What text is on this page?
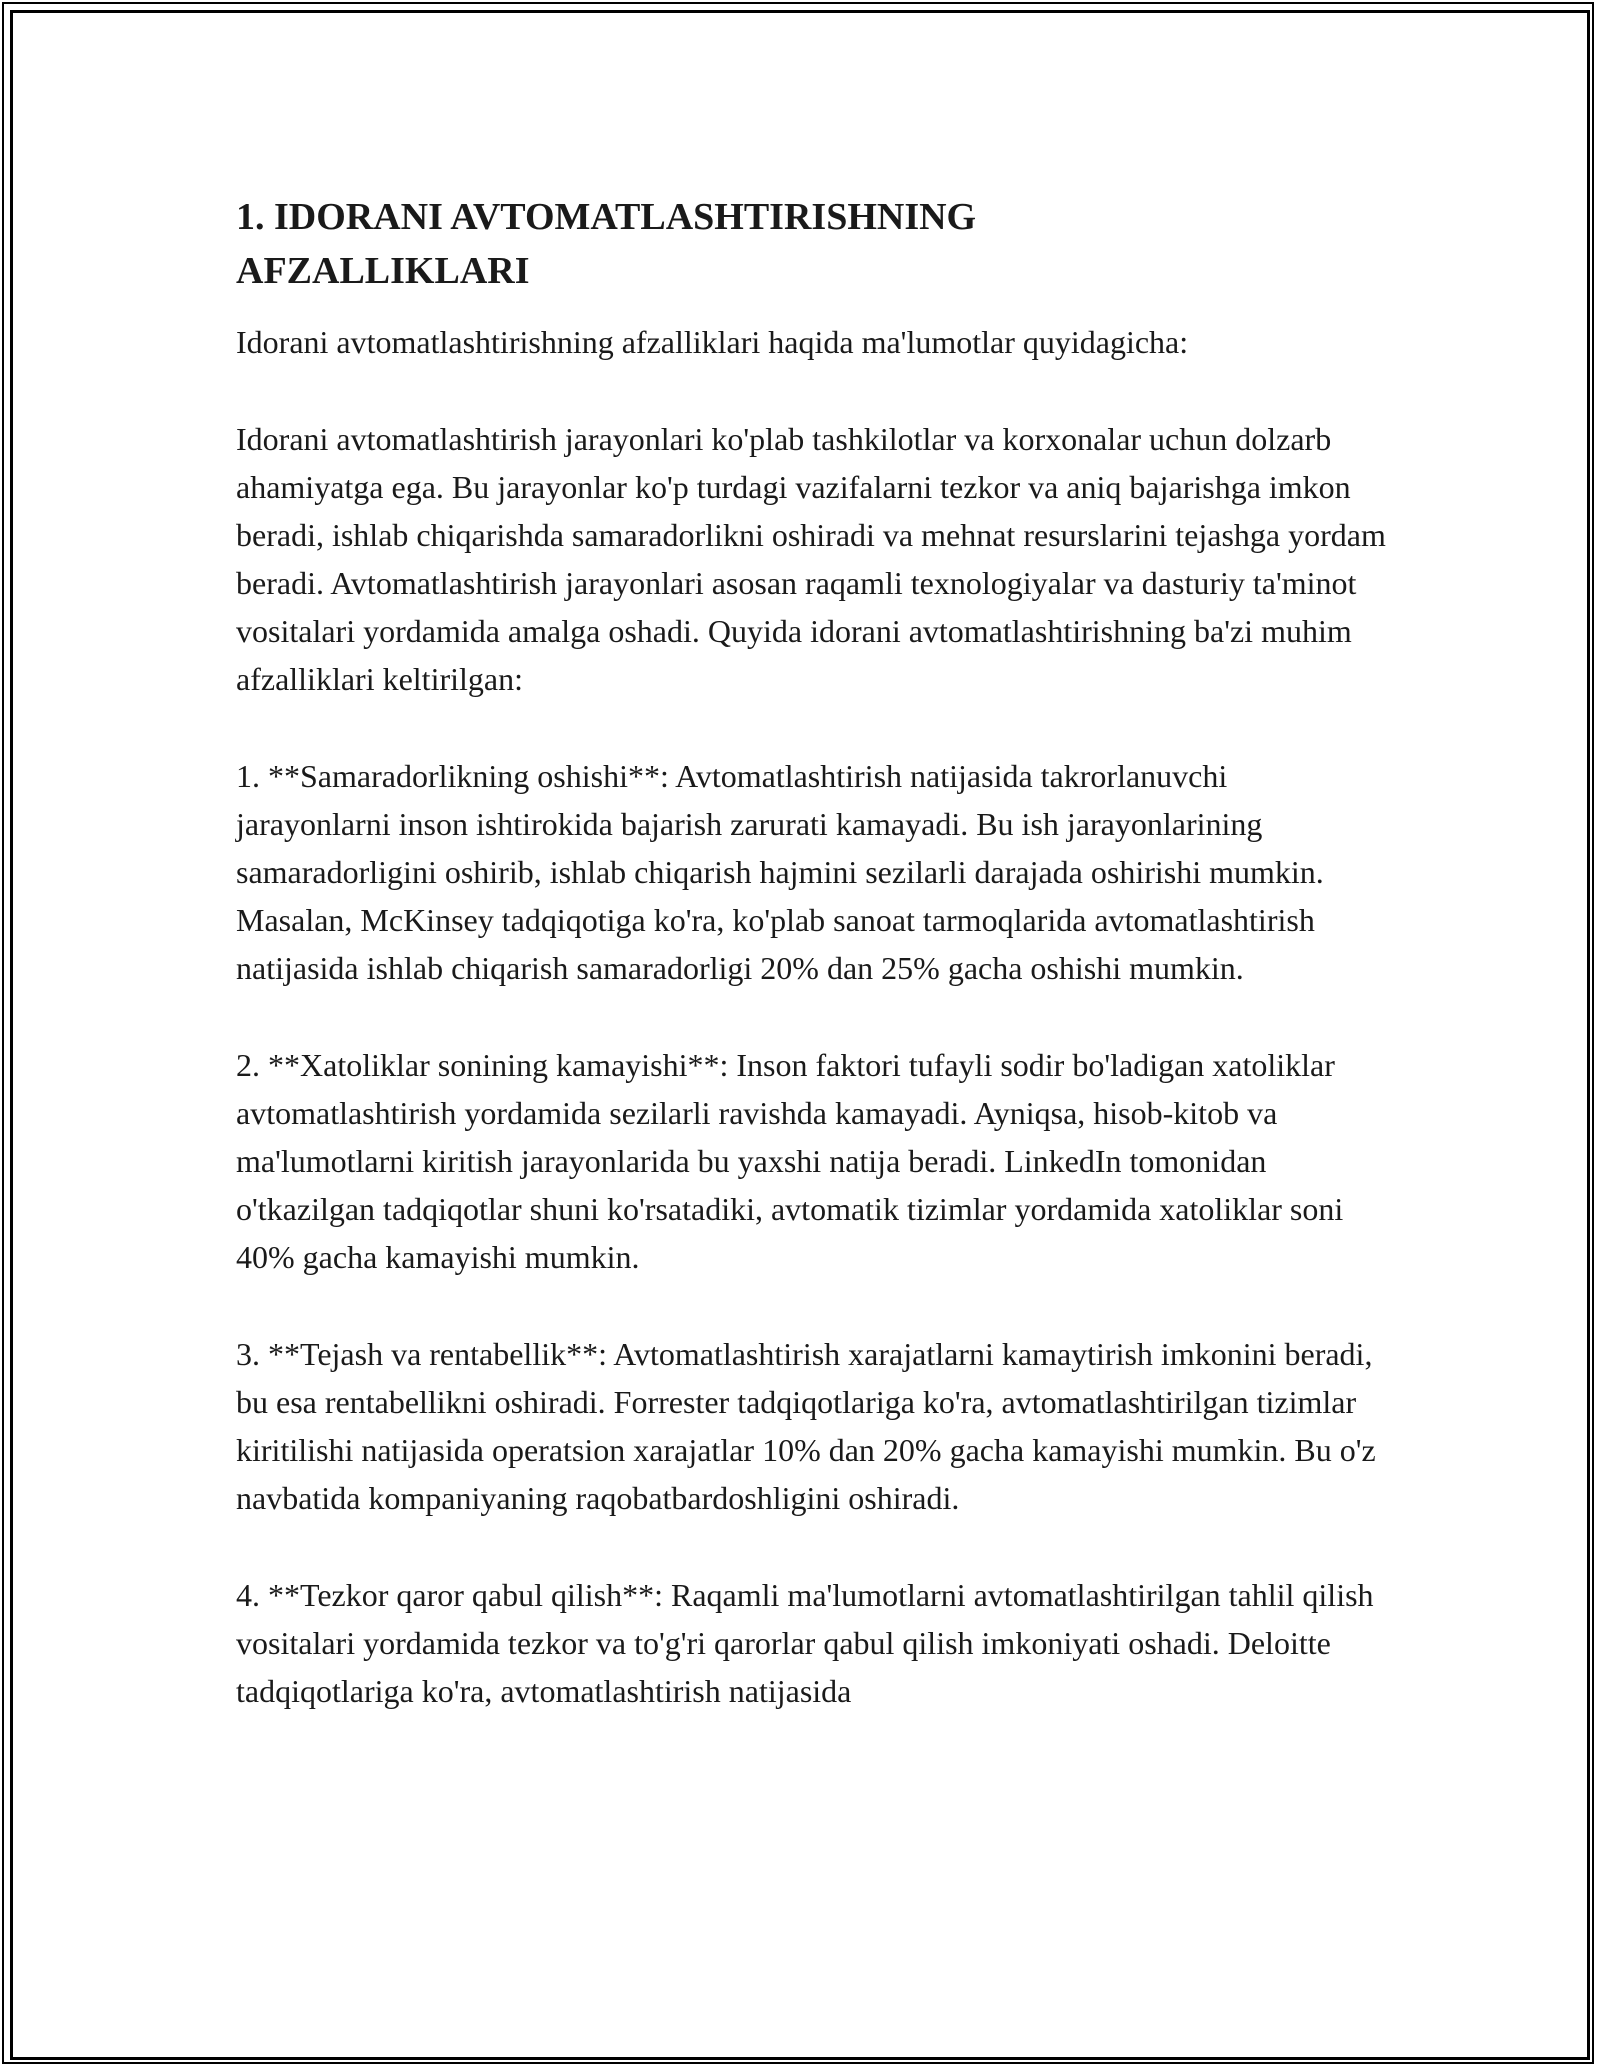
1. IDORANI AVTOMATLASHTIRISHNING
AFZALLIKLARI

Idorani avtomatlashtirishning afzalliklari haqida ma'lumotlar quyidagicha:

Idorani avtomatlashtirish jarayonlari ko'plab tashkilotlar va korxonalar uchun dolzarb ahamiyatga ega. Bu jarayonlar ko'p turdagi vazifalarni tezkor va aniq bajarishga imkon beradi, ishlab chiqarishda samaradorlikni oshiradi va mehnat resurslarini tejashga yordam beradi. Avtomatlashtirish jarayonlari asosan raqamli texnologiyalar va dasturiy ta'minot vositalari yordamida amalga oshadi. Quyida idorani avtomatlashtirishning ba'zi muhim afzalliklari keltirilgan:

1. **Samaradorlikning oshishi**: Avtomatlashtirish natijasida takrorlanuvchi jarayonlarni inson ishtirokida bajarish zarurati kamayadi. Bu ish jarayonlarining samaradorligini oshirib, ishlab chiqarish hajmini sezilarli darajada oshirishi mumkin. Masalan, McKinsey tadqiqotiga ko'ra, ko'plab sanoat tarmoqlarida avtomatlashtirish natijasida ishlab chiqarish samaradorligi 20% dan 25% gacha oshishi mumkin.

2. **Xatoliklar sonining kamayishi**: Inson faktori tufayli sodir bo'ladigan xatoliklar avtomatlashtirish yordamida sezilarli ravishda kamayadi. Ayniqsa, hisob-kitob va ma'lumotlarni kiritish jarayonlarida bu yaxshi natija beradi. LinkedIn tomonidan o'tkazilgan tadqiqotlar shuni ko'rsatadiki, avtomatik tizimlar yordamida xatoliklar soni 40% gacha kamayishi mumkin.

3. **Tejash va rentabellik**: Avtomatlashtirish xarajatlarni kamaytirish imkonini beradi, bu esa rentabellikni oshiradi. Forrester tadqiqotlariga ko'ra, avtomatlashtirilgan tizimlar kiritilishi natijasida operatsion xarajatlar 10% dan 20% gacha kamayishi mumkin. Bu o'z navbatida kompaniyaning raqobatbardoshligini oshiradi.

4. **Tezkor qaror qabul qilish**: Raqamli ma'lumotlarni avtomatlashtirilgan tahlil qilish vositalari yordamida tezkor va to'g'ri qarorlar qabul qilish imkoniyati oshadi. Deloitte tadqiqotlariga ko'ra, avtomatlashtirish natijasida
